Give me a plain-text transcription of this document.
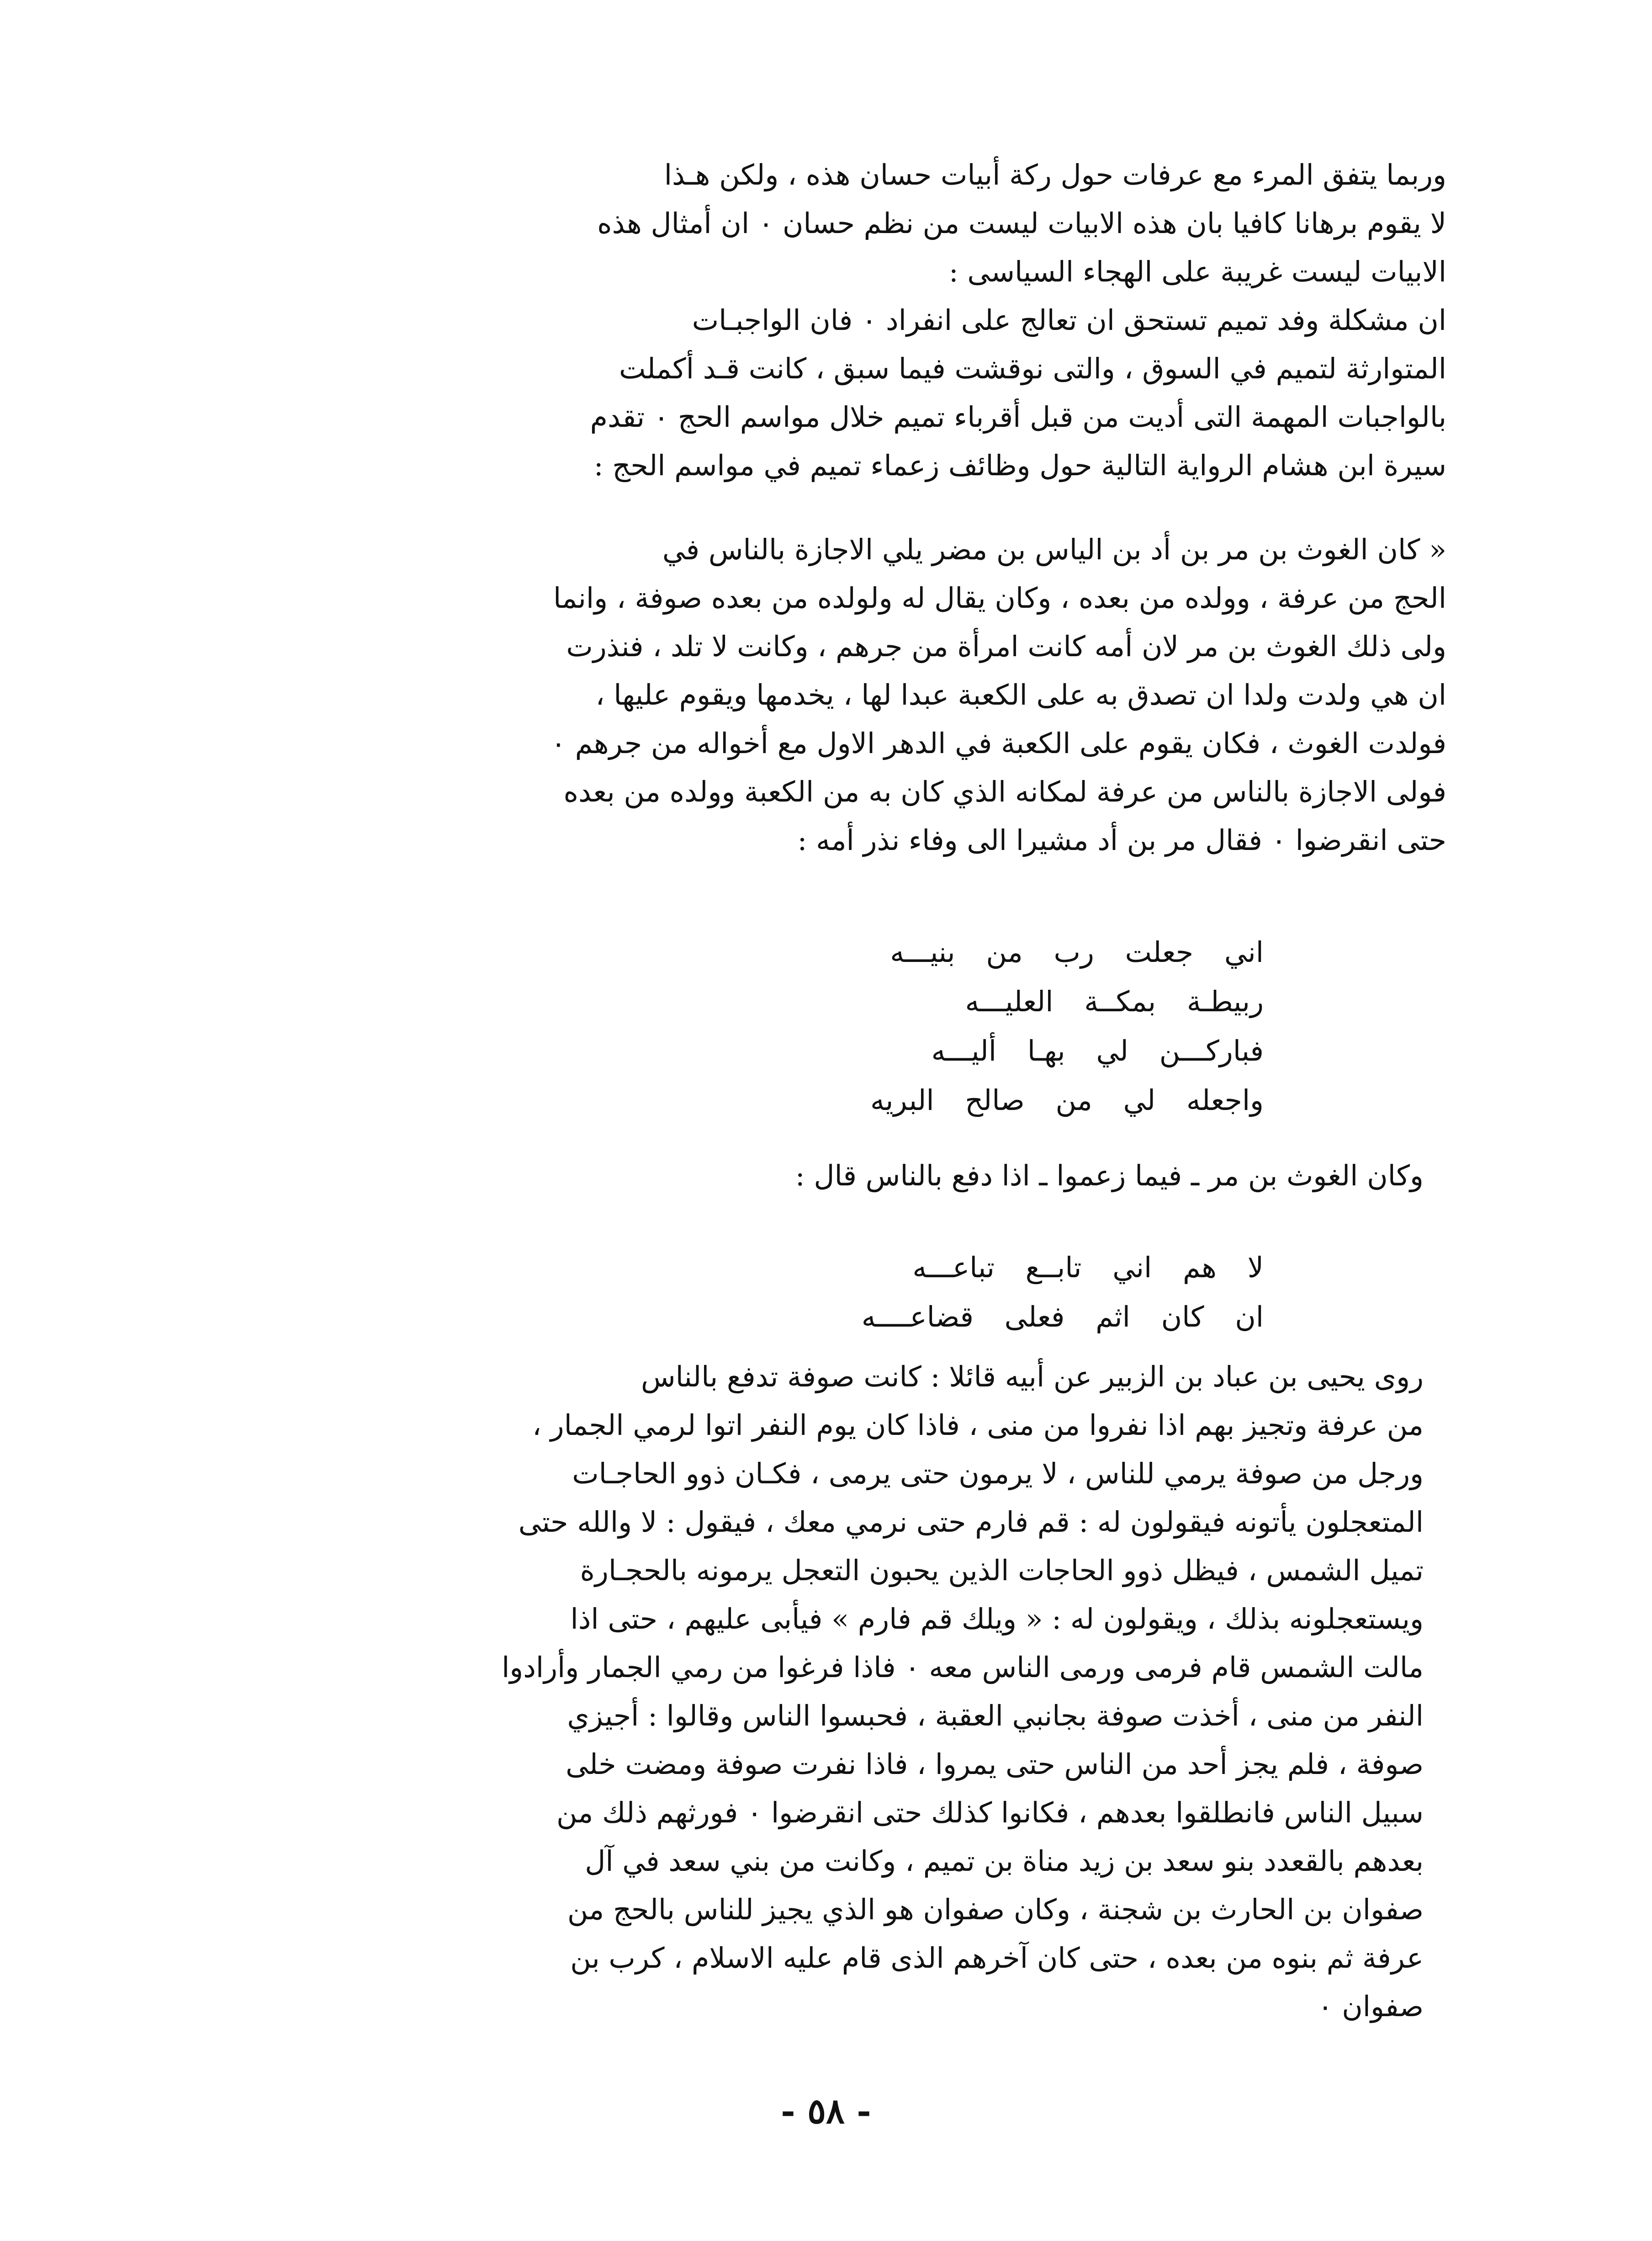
وربما يتفق المرء مع عرفات حول ركة أبيات حسان هذه ، ولكن هـذا
لا يقوم برهانا كافيا بان هذه الابيات ليست من نظم حسان ٠ ان أمثال هذه
الابيات ليست غريبة على الهجاء السياسى :
ان مشكلة وفد تميم تستحق ان تعالج على انفراد ٠ فان الواجبـات
المتوارثة لتميم في السوق ، والتى نوقشت فيما سبق ، كانت قـد أكملت
بالواجبات المهمة التى أديت من قبل أقرباء تميم خلال مواسم الحج ٠ تقدم
سيرة ابن هشام الرواية التالية حول وظائف زعماء تميم في مواسم الحج :
« كان الغوث بن مر بن أد بن الياس بن مضر يلي الاجازة بالناس في
الحج من عرفة ، وولده من بعده ، وكان يقال له ولولده من بعده صوفة ، وانما
ولى ذلك الغوث بن مر لان أمه كانت امرأة من جرهم ، وكانت لا تلد ، فنذرت
ان هي ولدت ولدا ان تصدق به على الكعبة عبدا لها ، يخدمها ويقوم عليها ،
فولدت الغوث ، فكان يقوم على الكعبة في الدهر الاول مع أخواله من جرهم ٠
فولى الاجازة بالناس من عرفة لمكانه الذي كان به من الكعبة وولده من بعده
حتى انقرضوا ٠ فقال مر بن أد مشيرا الى وفاء نذر أمه :
اني جعلت رب من بنيـــه
ربيطـة بمكــة العليـــه
فباركـــن لي بهـا أليـــه
واجعله لي من صالح البريه
وكان الغوث بن مر ـ فيما زعموا ـ اذا دفع بالناس قال :
لا هم اني تابــع تباعـــه
ان كان اثم فعلى قضاعــــه
روى يحيى بن عباد بن الزبير عن أبيه قائلا : كانت صوفة تدفع بالناس
من عرفة وتجيز بهم اذا نفروا من منى ، فاذا كان يوم النفر اتوا لرمي الجمار ،
ورجل من صوفة يرمي للناس ، لا يرمون حتى يرمى ، فكـان ذوو الحاجـات
المتعجلون يأتونه فيقولون له : قم فارم حتى نرمي معك ، فيقول : لا والله حتى
تميل الشمس ، فيظل ذوو الحاجات الذين يحبون التعجل يرمونه بالحجـارة
ويستعجلونه بذلك ، ويقولون له : « ويلك قم فارم » فيأبى عليهم ، حتى اذا
مالت الشمس قام فرمى ورمى الناس معه ٠ فاذا فرغوا من رمي الجمار وأرادوا
النفر من منى ، أخذت صوفة بجانبي العقبة ، فحبسوا الناس وقالوا : أجيزي
صوفة ، فلم يجز أحد من الناس حتى يمروا ، فاذا نفرت صوفة ومضت خلى
سبيل الناس فانطلقوا بعدهم ، فكانوا كذلك حتى انقرضوا ٠ فورثهم ذلك من
بعدهم بالقعدد بنو سعد بن زيد مناة بن تميم ، وكانت من بني سعد في آل
صفوان بن الحارث بن شجنة ، وكان صفوان هو الذي يجيز للناس بالحج من
عرفة ثم بنوه من بعده ، حتى كان آخرهم الذى قام عليه الاسلام ، كرب بن
صفوان ٠
- ٥٨ -
